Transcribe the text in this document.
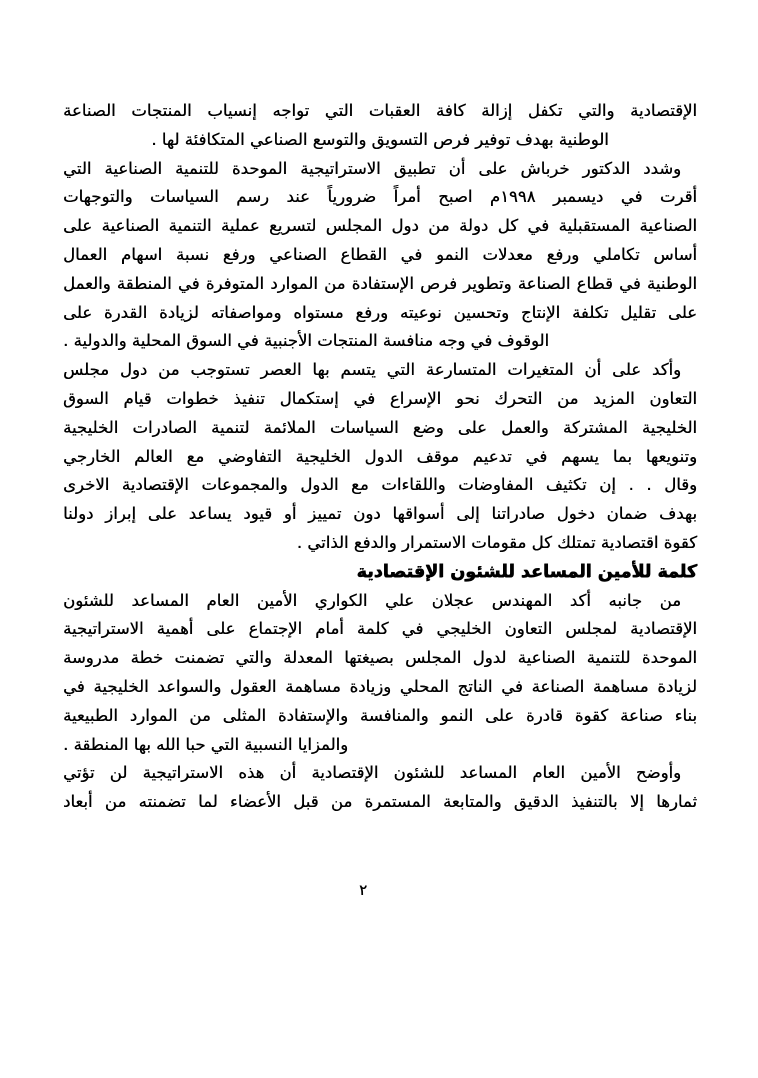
الإقتصادية والتي تكفل إزالة كافة العقبات التي تواجه إنسياب المنتجات الصناعة
الوطنية بهدف توفير فرص التسويق والتوسع الصناعي المتكافئة لها .
وشدد الدكتور خرباش على أن تطبيق الاستراتيجية الموحدة للتنمية الصناعية التي
أقرت في ديسمبر ١٩٩٨م اصبح أمراً ضرورياً عند رسم السياسات والتوجهات
الصناعية المستقبلية في كل دولة من دول المجلس لتسريع عملية التنمية الصناعية على
أساس تكاملي ورفع معدلات النمو في القطاع الصناعي ورفع نسبة اسهام العمال
الوطنية في قطاع الصناعة وتطوير فرص الإستفادة من الموارد المتوفرة في المنطقة والعمل
على تقليل تكلفة الإنتاج وتحسين نوعيته ورفع مستواه ومواصفاته لزيادة القدرة على
الوقوف في وجه منافسة المنتجات الأجنبية في السوق المحلية والدولية .
وأكد على أن المتغيرات المتسارعة التي يتسم بها العصر تستوجب من دول مجلس
التعاون المزيد من التحرك نحو الإسراع في إستكمال تنفيذ خطوات قيام السوق
الخليجية المشتركة والعمل على وضع السياسات الملائمة لتنمية الصادرات الخليجية
وتنويعها بما يسهم في تدعيم موقف الدول الخليجية التفاوضي مع العالم الخارجي
وقال . . إن تكثيف المفاوضات واللقاءات مع الدول والمجموعات الإقتصادية الاخرى
بهدف ضمان دخول صادراتنا إلى أسواقها دون تمييز أو قيود يساعد على إبراز دولنا
كقوة اقتصادية تمتلك كل مقومات الاستمرار والدفع الذاتي .
كلمة للأمين المساعد للشئون الإقتصادية
من جانبه أكد المهندس عجلان علي الكواري الأمين العام المساعد للشئون
الإقتصادية لمجلس التعاون الخليجي في كلمة أمام الإجتماع على أهمية الاستراتيجية
الموحدة للتنمية الصناعية لدول المجلس بصيغتها المعدلة والتي تضمنت خطة مدروسة
لزيادة مساهمة الصناعة في الناتج المحلي وزيادة مساهمة العقول والسواعد الخليجية في
بناء صناعة كقوة قادرة على النمو والمنافسة والإستفادة المثلى من الموارد الطبيعية
والمزايا النسبية التي حبا الله بها المنطقة .
وأوضح الأمين العام المساعد للشئون الإقتصادية أن هذه الاستراتيجية لن تؤتي
ثمارها إلا بالتنفيذ الدقيق والمتابعة المستمرة من قبل الأعضاء لما تضمنته من أبعاد
٢
